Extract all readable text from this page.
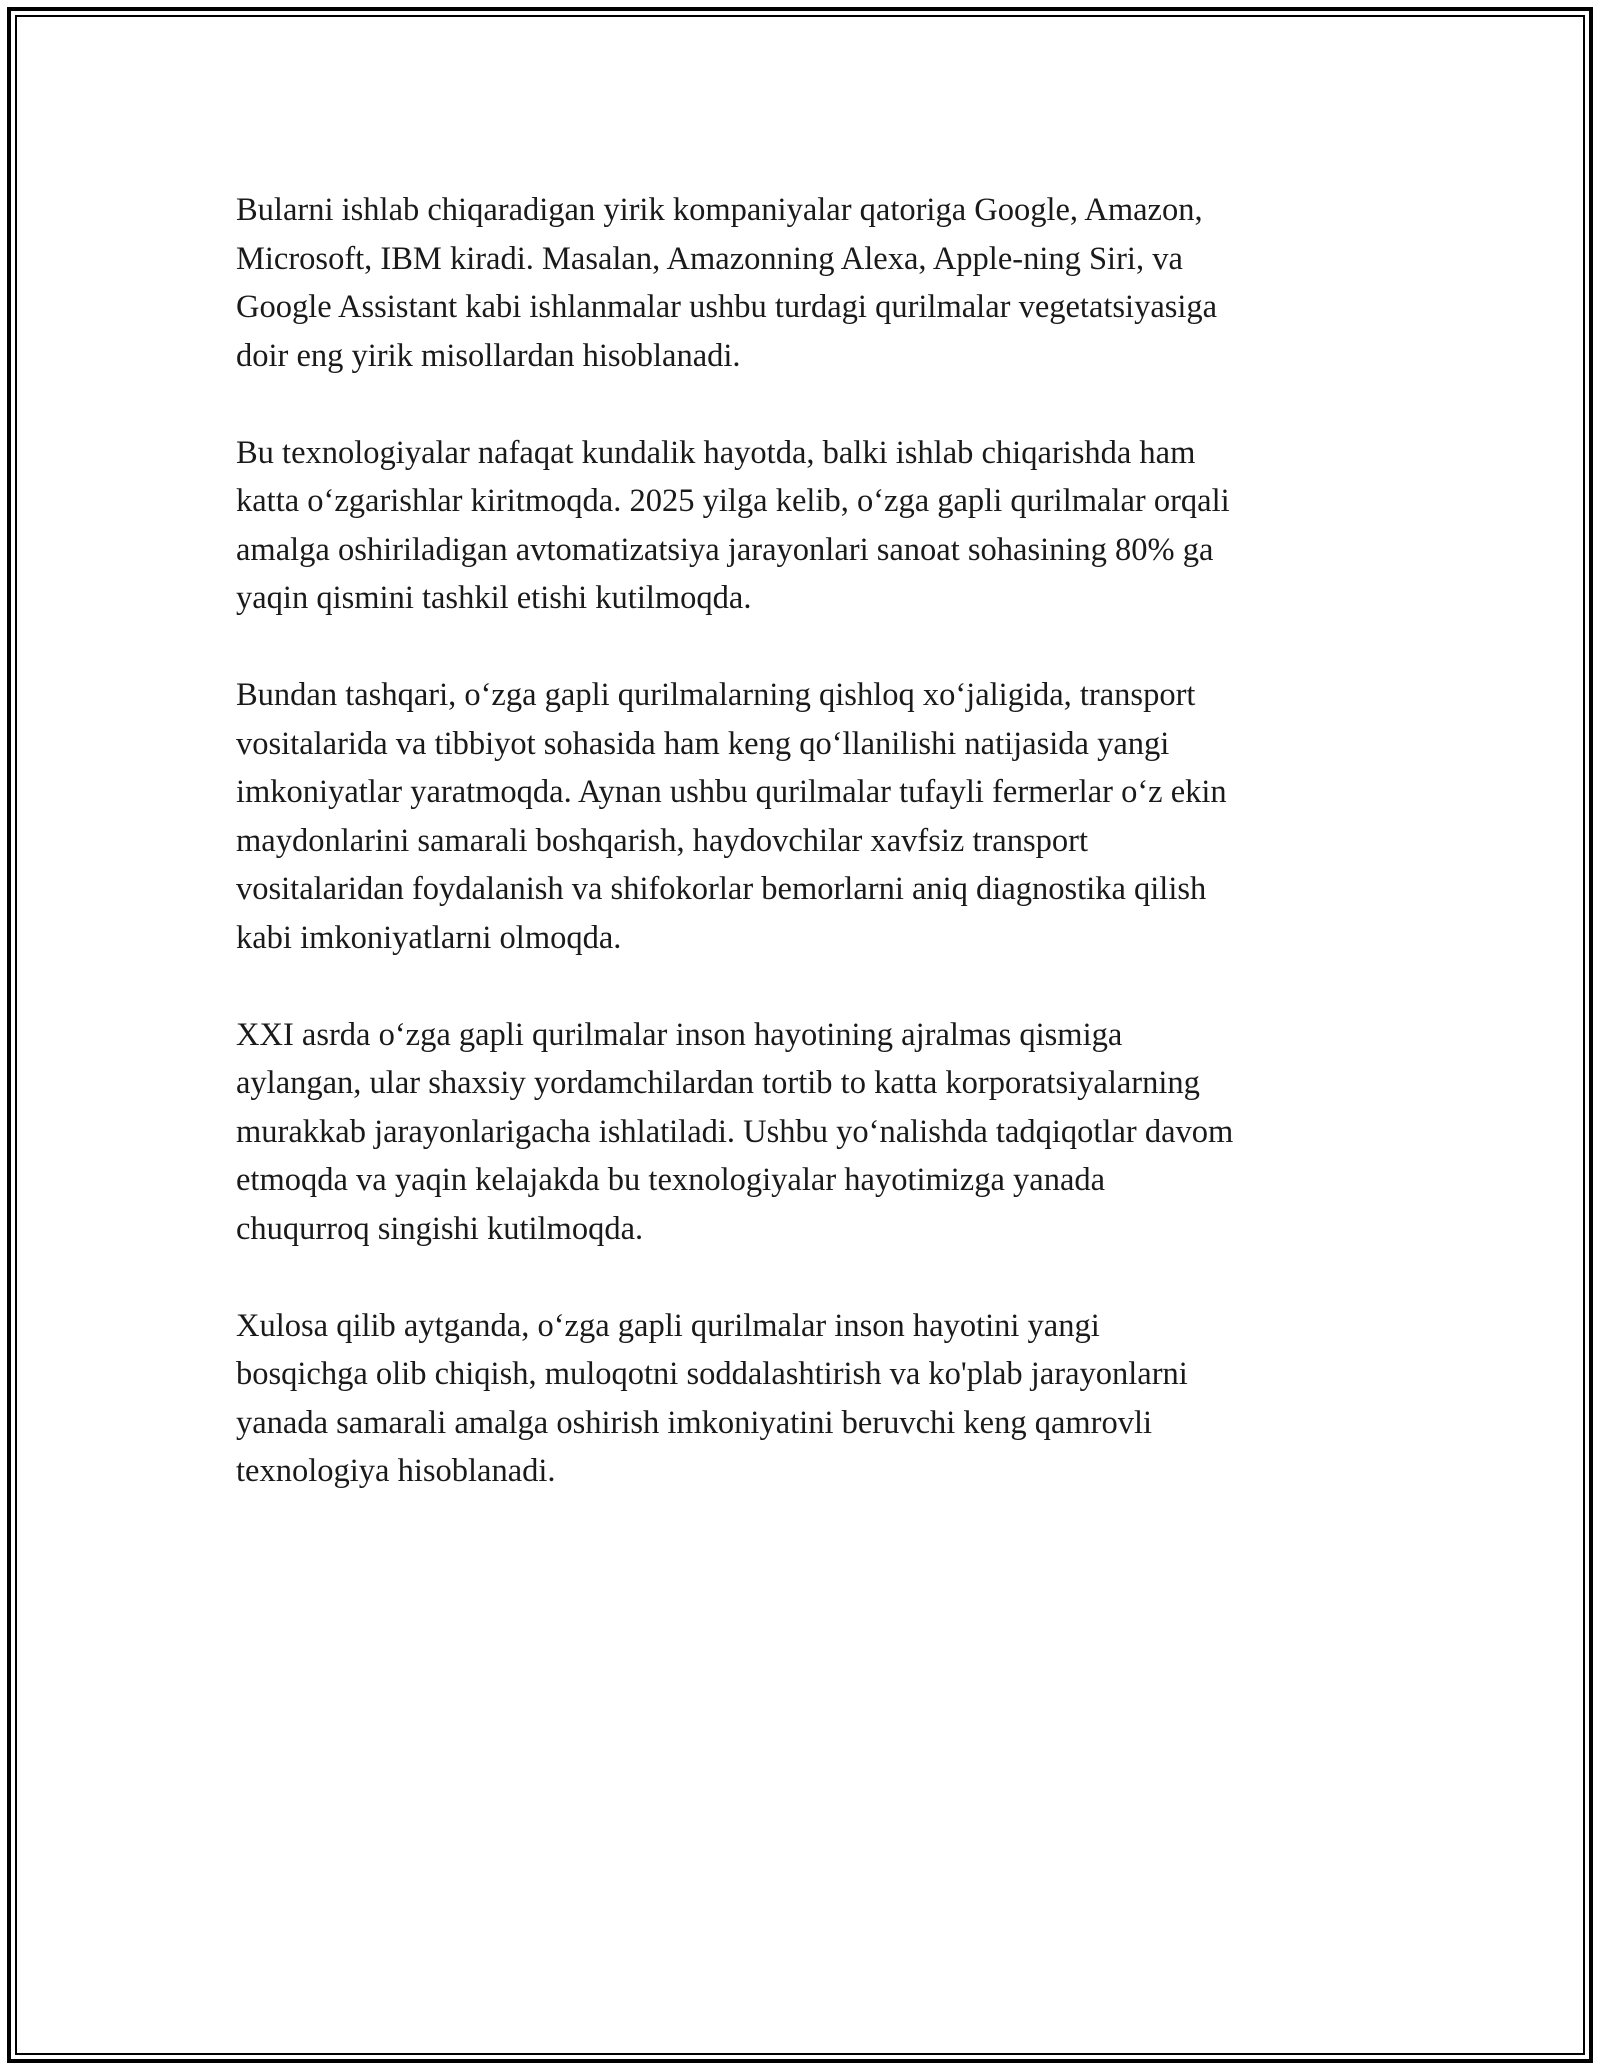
Bularni ishlab chiqaradigan yirik kompaniyalar qatoriga Google, Amazon,
Microsoft, IBM kiradi. Masalan, Amazonning Alexa, Apple-ning Siri, va
Google Assistant kabi ishlanmalar ushbu turdagi qurilmalar vegetatsiyasiga
doir eng yirik misollardan hisoblanadi.

Bu texnologiyalar nafaqat kundalik hayotda, balki ishlab chiqarishda ham
katta o‘zgarishlar kiritmoqda. 2025 yilga kelib, o‘zga gapli qurilmalar orqali
amalga oshiriladigan avtomatizatsiya jarayonlari sanoat sohasining 80% ga
yaqin qismini tashkil etishi kutilmoqda.

Bundan tashqari, o‘zga gapli qurilmalarning qishloq xo‘jaligida, transport
vositalarida va tibbiyot sohasida ham keng qo‘llanilishi natijasida yangi
imkoniyatlar yaratmoqda. Aynan ushbu qurilmalar tufayli fermerlar o‘z ekin
maydonlarini samarali boshqarish, haydovchilar xavfsiz transport
vositalaridan foydalanish va shifokorlar bemorlarni aniq diagnostika qilish
kabi imkoniyatlarni olmoqda.

XXI asrda o‘zga gapli qurilmalar inson hayotining ajralmas qismiga
aylangan, ular shaxsiy yordamchilardan tortib to katta korporatsiyalarning
murakkab jarayonlarigacha ishlatiladi. Ushbu yo‘nalishda tadqiqotlar davom
etmoqda va yaqin kelajakda bu texnologiyalar hayotimizga yanada
chuqurroq singishi kutilmoqda.

Xulosa qilib aytganda, o‘zga gapli qurilmalar inson hayotini yangi
bosqichga olib chiqish, muloqotni soddalashtirish va ko'plab jarayonlarni
yanada samarali amalga oshirish imkoniyatini beruvchi keng qamrovli
texnologiya hisoblanadi.
